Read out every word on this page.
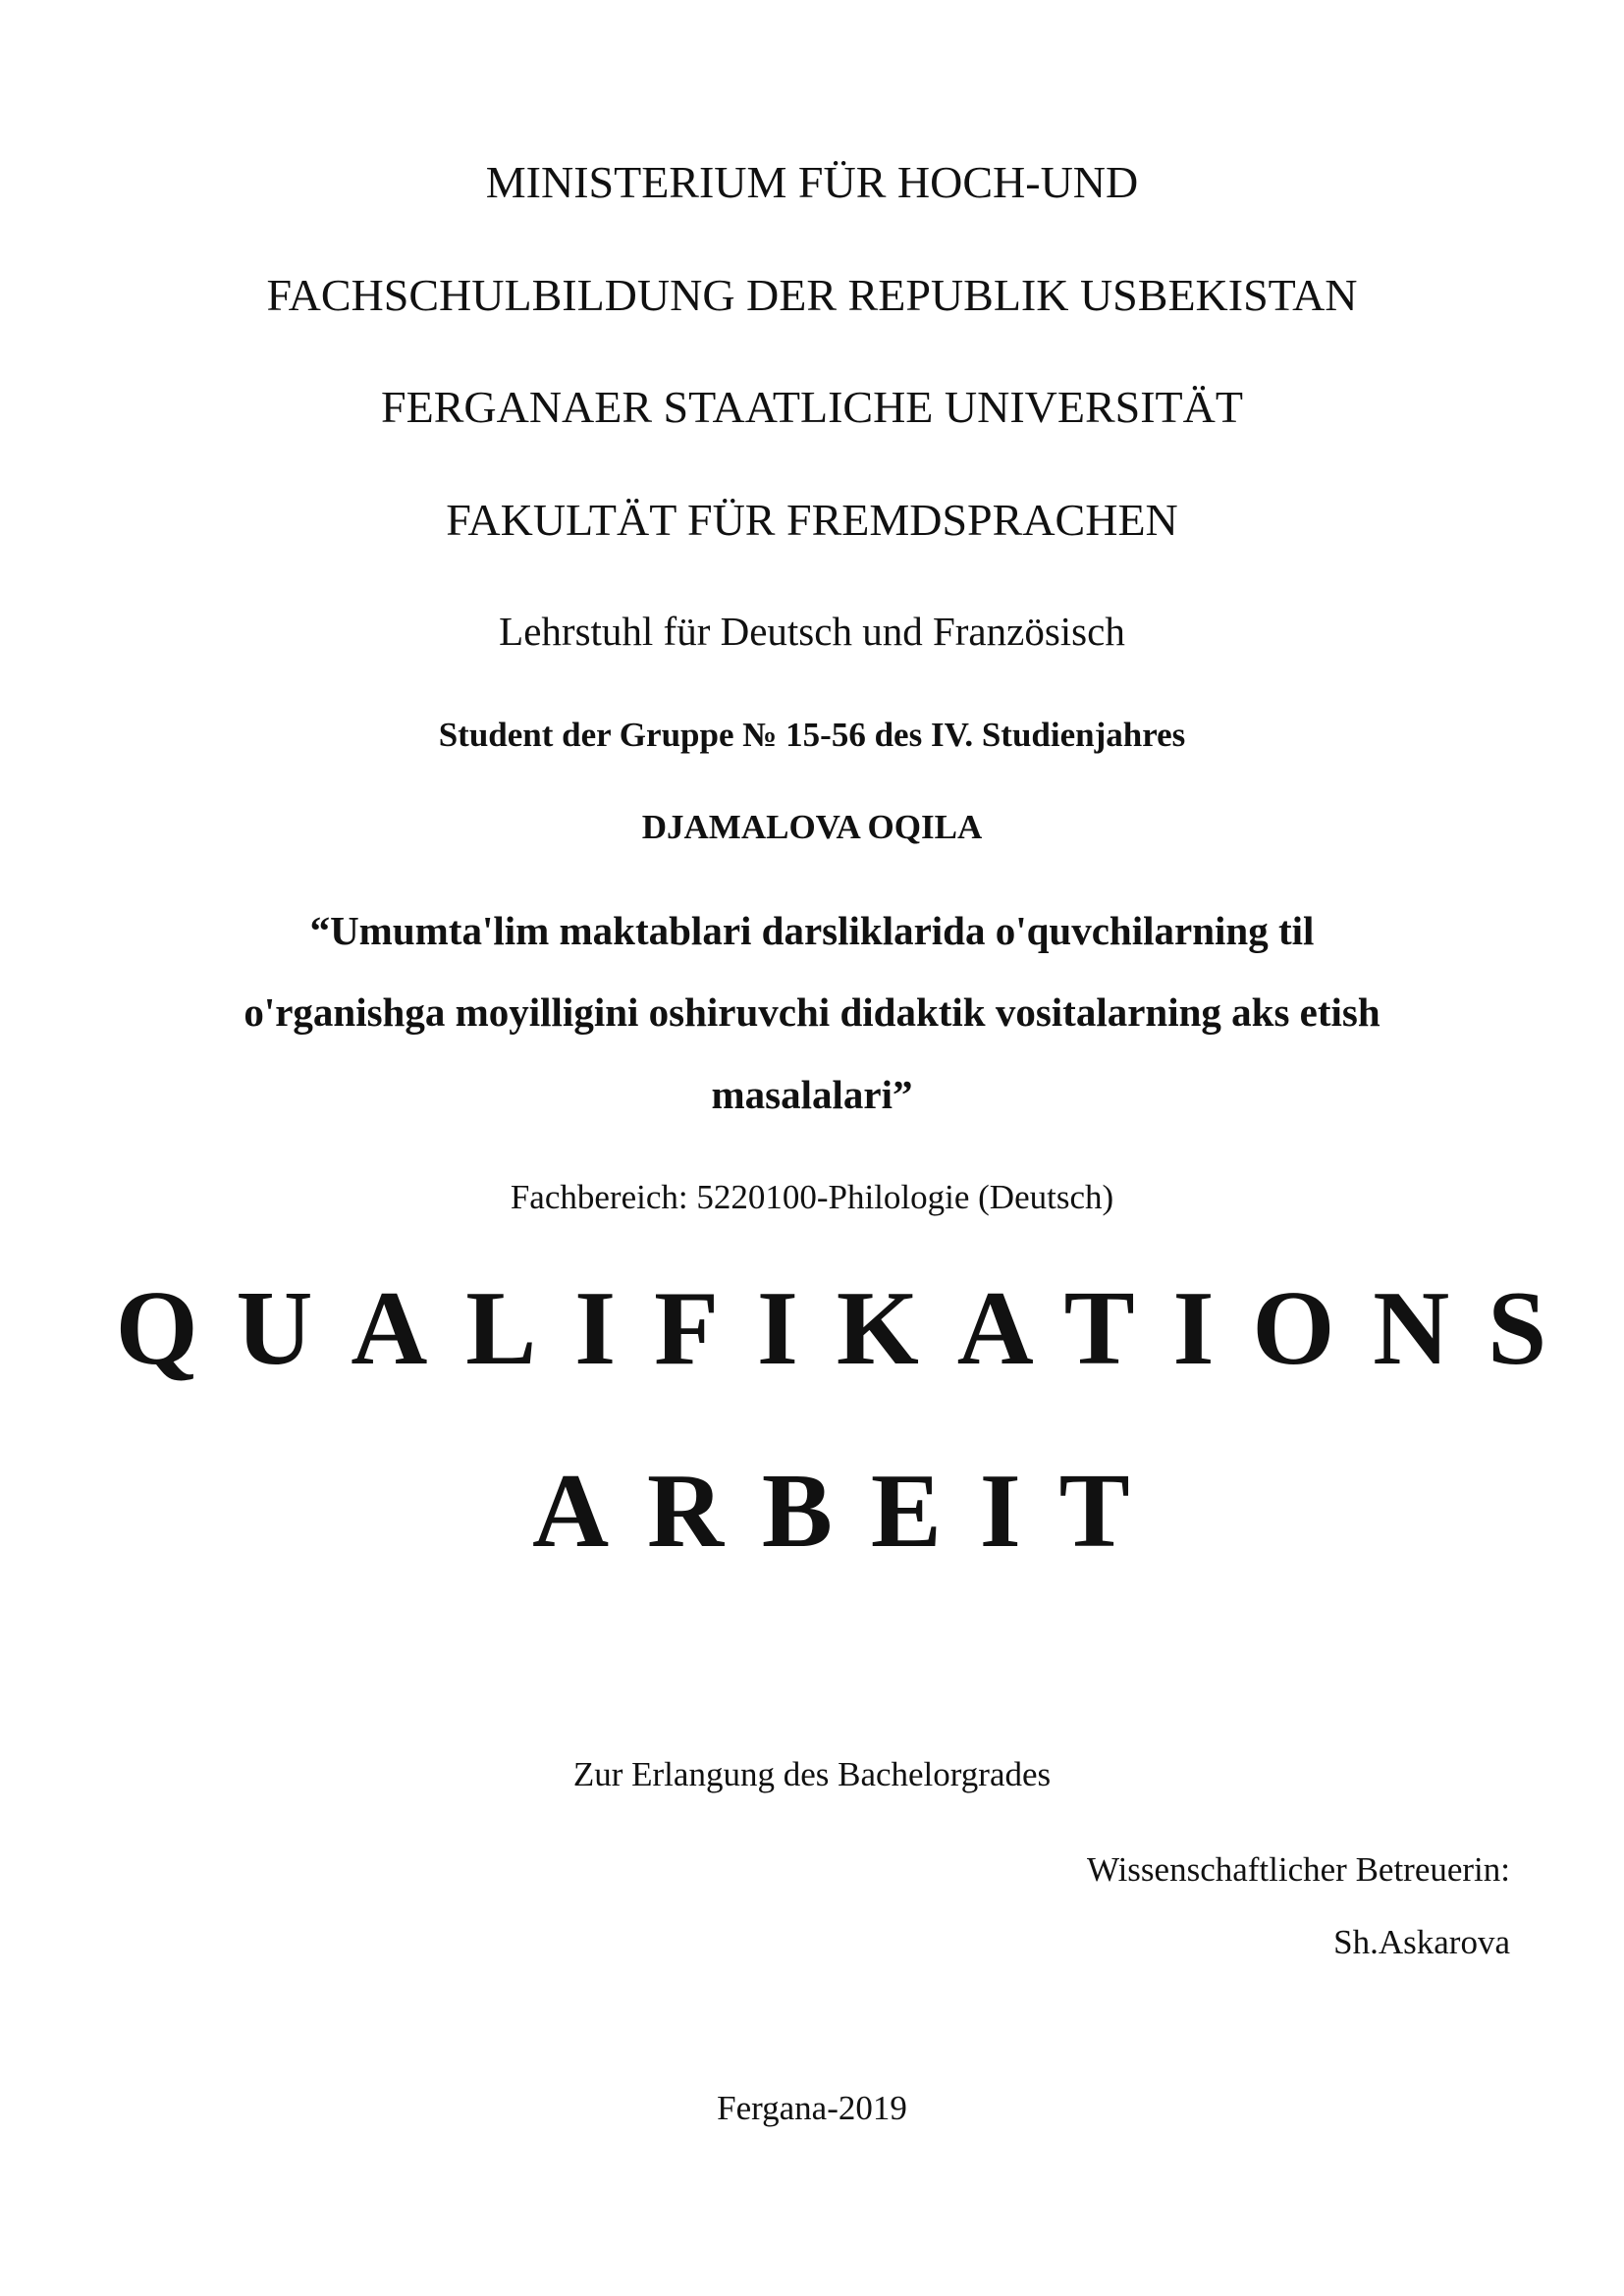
MINISTERIUM FÜR HOCH-UND

FACHSCHULBILDUNG DER REPUBLIK USBEKISTAN

FERGANAER STAATLICHE UNIVERSITÄT

FAKULTÄT FÜR FREMDSPRACHEN

Lehrstuhl für Deutsch und Französisch

Student der Gruppe № 15-56 des IV. Studienjahres

DJAMALOVA OQILA

“Umumta'lim maktablari darsliklarida o'quvchilarning til

o'rganishga moyilligini oshiruvchi didaktik vositalarning aks etish

masalalari”

Fachbereich: 5220100-Philologie (Deutsch)

QUALIFIKATIONS

ARBEIT

Zur Erlangung des Bachelorgrades

Wissenschaftlicher Betreuerin:

Sh.Askarova

Fergana-2019
